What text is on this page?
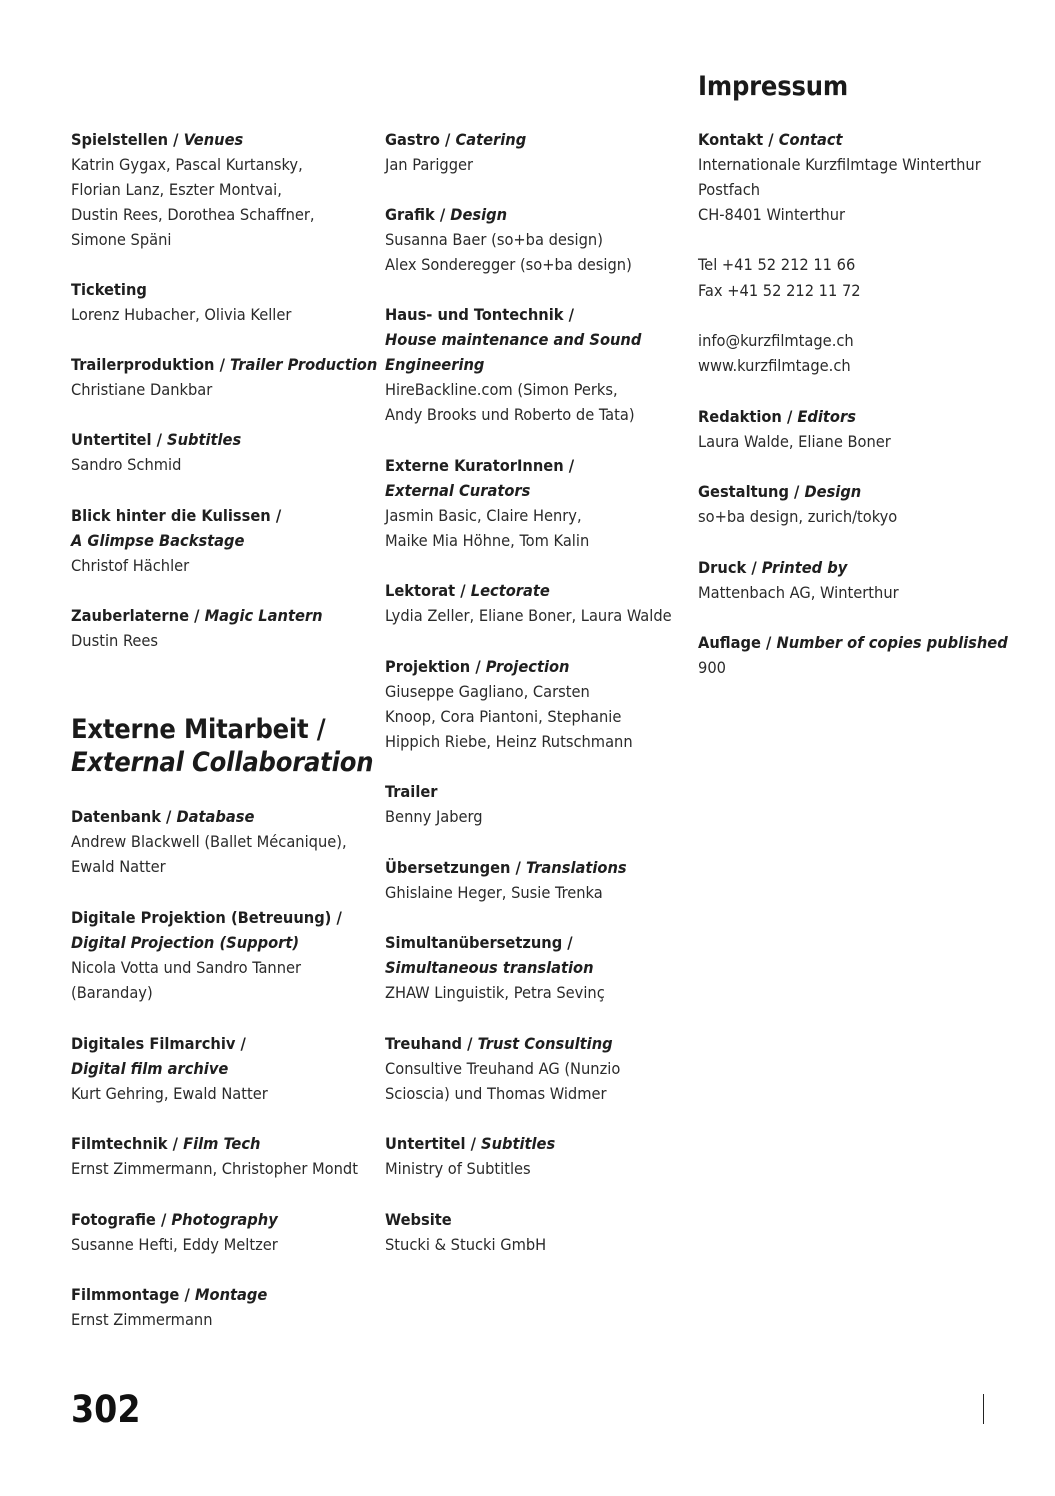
Spielstellen / Venues
Katrin Gygax, Pascal Kurtansky,
Florian Lanz, Eszter Montvai,
Dustin Rees, Dorothea Schaffner,
Simone Späni
Ticketing
Lorenz Hubacher, Olivia Keller
Trailerproduktion / Trailer Production
Christiane Dankbar
Untertitel / Subtitles
Sandro Schmid
Blick hinter die Kulissen /
A Glimpse Backstage
Christof Hächler
Zauberlaterne / Magic Lantern
Dustin Rees
Externe Mitarbeit /
External Collaboration
Datenbank / Database
Andrew Blackwell (Ballet Mécanique),
Ewald Natter
Digitale Projektion (Betreuung) /
Digital Projection (Support)
Nicola Votta und Sandro Tanner
(Baranday)
Digitales Filmarchiv /
Digital film archive
Kurt Gehring, Ewald Natter
Filmtechnik / Film Tech
Ernst Zimmermann, Christopher Mondt
Fotografie / Photography
Susanne Hefti, Eddy Meltzer
Filmmontage / Montage
Ernst Zimmermann
Gastro / Catering
Jan Parigger
Grafik / Design
Susanna Baer (so+ba design)
Alex Sonderegger (so+ba design)
Haus- und Tontechnik /
House maintenance and Sound
Engineering
HireBackline.com (Simon Perks,
Andy Brooks und Roberto de Tata)
Externe KuratorInnen /
External Curators
Jasmin Basic, Claire Henry,
Maike Mia Höhne, Tom Kalin
Lektorat / Lectorate
Lydia Zeller, Eliane Boner, Laura Walde
Projektion / Projection
Giuseppe Gagliano, Carsten
Knoop, Cora Piantoni, Stephanie
Hippich Riebe, Heinz Rutschmann
Trailer
Benny Jaberg
Übersetzungen / Translations
Ghislaine Heger, Susie Trenka
Simultanübersetzung /
Simultaneous translation
ZHAW Linguistik, Petra Sevinç
Treuhand / Trust Consulting
Consultive Treuhand AG (Nunzio
Scioscia) und Thomas Widmer
Untertitel / Subtitles
Ministry of Subtitles
Website
Stucki & Stucki GmbH
Impressum
Kontakt / Contact
Internationale Kurzfilmtage Winterthur
Postfach
CH-8401 Winterthur

Tel +41 52 212 11 66
Fax +41 52 212 11 72

info@kurzfilmtage.ch
www.kurzfilmtage.ch
Redaktion / Editors
Laura Walde, Eliane Boner
Gestaltung / Design
so+ba design, zurich/tokyo
Druck / Printed by
Mattenbach AG, Winterthur
Auflage / Number of copies published
900
302
